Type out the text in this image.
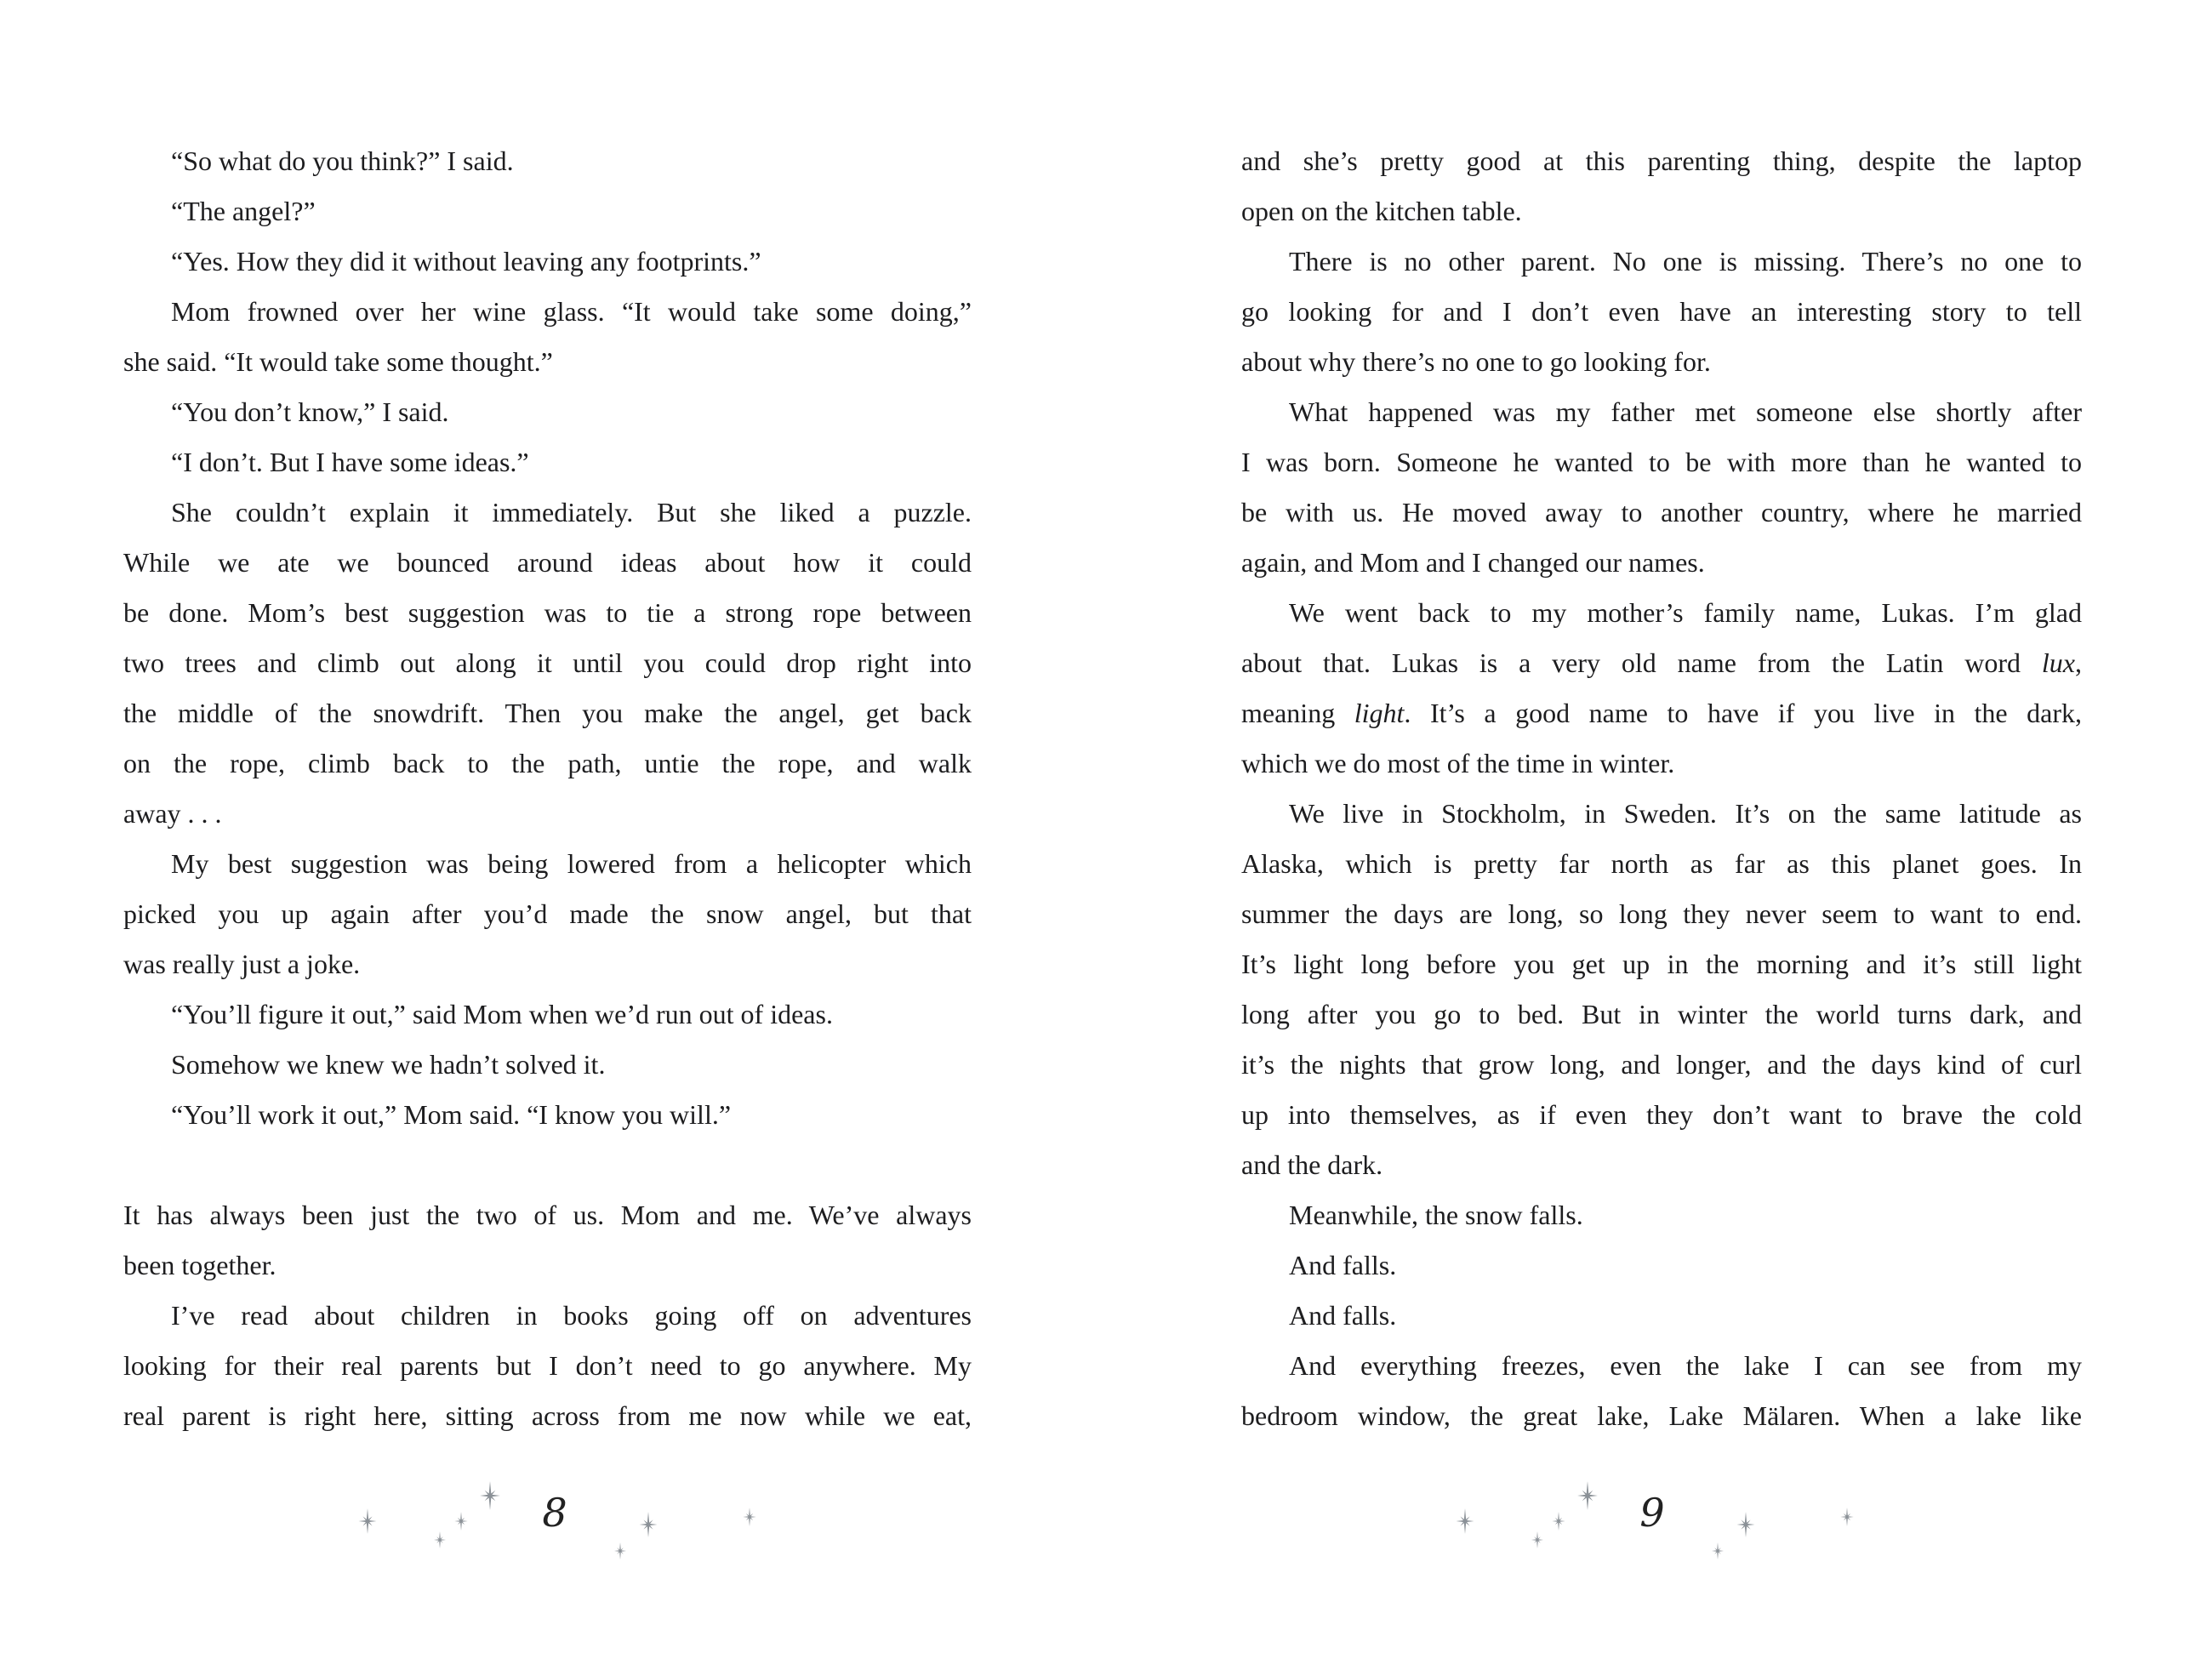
“So what do you think?” I said.
“The angel?”
“Yes. How they did it without leaving any footprints.”
Mom frowned over her wine glass. “It would take some doing,”
she said. “It would take some thought.”
“You don’t know,” I said.
“I don’t. But I have some ideas.”
She couldn’t explain it immediately. But she liked a puzzle.
While we ate we bounced around ideas about how it could
be done. Mom’s best suggestion was to tie a strong rope between
two trees and climb out along it until you could drop right into
the middle of the snowdrift. Then you make the angel, get back
on the rope, climb back to the path, untie the rope, and walk
away . . .
My best suggestion was being lowered from a helicopter which
picked you up again after you’d made the snow angel, but that
was really just a joke.
“You’ll figure it out,” said Mom when we’d run out of ideas.
Somehow we knew we hadn’t solved it.
“You’ll work it out,” Mom said. “I know you will.”

It has always been just the two of us. Mom and me. We’ve always
been together.
I’ve read about children in books going off on adventures
looking for their real parents but I don’t need to go anywhere. My
real parent is right here, sitting across from me now while we eat,
8
and she’s pretty good at this parenting thing, despite the laptop
open on the kitchen table.
There is no other parent. No one is missing. There’s no one to
go looking for and I don’t even have an interesting story to tell
about why there’s no one to go looking for.
What happened was my father met someone else shortly after
I was born. Someone he wanted to be with more than he wanted to
be with us. He moved away to another country, where he married
again, and Mom and I changed our names.
We went back to my mother’s family name, Lukas. I’m glad
about that. Lukas is a very old name from the Latin word lux,
meaning light. It’s a good name to have if you live in the dark,
which we do most of the time in winter.
We live in Stockholm, in Sweden. It’s on the same latitude as
Alaska, which is pretty far north as far as this planet goes. In
summer the days are long, so long they never seem to want to end.
It’s light long before you get up in the morning and it’s still light
long after you go to bed. But in winter the world turns dark, and
it’s the nights that grow long, and longer, and the days kind of curl
up into themselves, as if even they don’t want to brave the cold
and the dark.
Meanwhile, the snow falls.
And falls.
And falls.
And everything freezes, even the lake I can see from my
bedroom window, the great lake, Lake Mälaren. When a lake like
9
